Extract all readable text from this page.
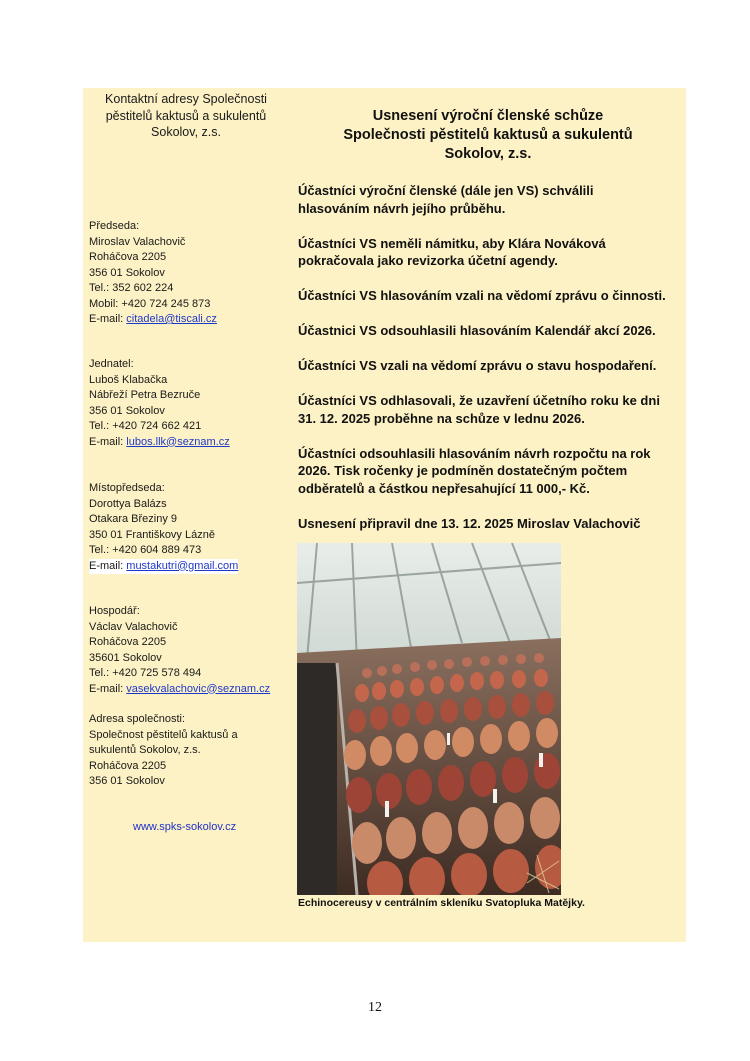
Kontaktní adresy Společnosti
pěstitelů kaktusů a sukulentů
Sokolov, z.s.
Předseda:
Miroslav Valachovič
Roháčova 2205
356 01 Sokolov
Tel.: 352 602 224
Mobil: +420 724 245 873
E-mail: citadela@tiscali.cz
Jednatel:
Luboš Klabačka
Nábřeží Petra Bezruče
356 01 Sokolov
Tel.: +420 724 662 421
E-mail: lubos.llk@seznam.cz
Místopředseda:
Dorottya Balázs
Otakara Březiny 9
350 01 Františkovy Lázně
Tel.: +420 604 889 473
E-mail: mustakutri@gmail.com
Hospodář:
Václav Valachovič
Roháčova 2205
35601 Sokolov
Tel.: +420 725 578 494
E-mail: vasekvalachovic@seznam.cz
Adresa společnosti:
Společnost pěstitelů kaktusů a
sukulentů Sokolov, z.s.
Roháčova 2205
356 01 Sokolov
www.spks-sokolov.cz
Usnesení výroční členské schůze
Společnosti pěstitelů kaktusů a sukulentů
Sokolov, z.s.

Účastníci výroční členské (dále jen VS) schválili
hlasováním návrh jejího průběhu.

Účastníci VS neměli námitku, aby Klára Nováková
pokračovala jako revizorka účetní agendy.

Účastníci VS hlasováním vzali na vědomí zprávu o činnosti.

Účastnici VS odsouhlasili hlasováním Kalendář akcí 2026.

Účastníci VS vzali na vědomí zprávu o stavu hospodaření.

Účastníci VS odhlasovali, že uzavření účetního roku ke dni
31. 12. 2025 proběhne na schůze v lednu 2026.

Účastníci odsouhlasili hlasováním návrh rozpočtu na rok
2026. Tisk ročenky je podmíněn dostatečným počtem
odběratelů a částkou nepřesahující 11 000,- Kč.

Usnesení připravil dne 13. 12. 2025 Miroslav Valachovič

Echinocereusy v centrálním skleníku Svatopluka Matějky.
12
